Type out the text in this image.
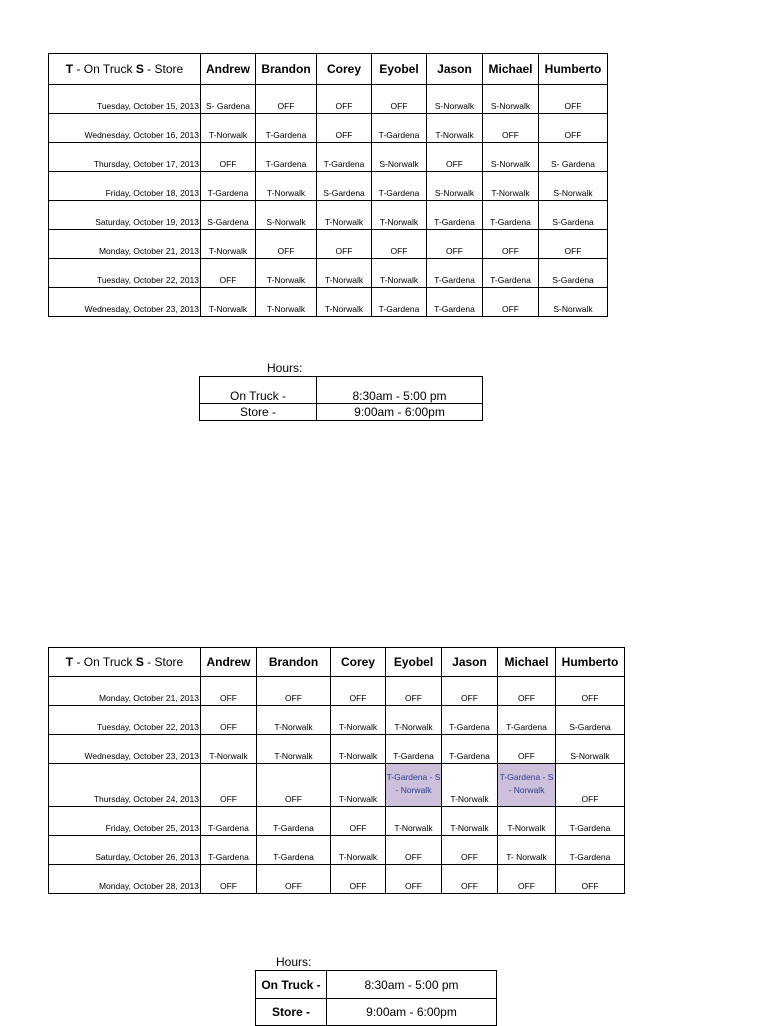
T - On Truck S - Store	Andrew	Brandon	Corey	Eyobel	Jason	Michael	Humberto
Tuesday, October 15, 2013	S- Gardena	OFF	OFF	OFF	S-Norwalk	S-Norwalk	OFF
Wednesday, October 16, 2013	T-Norwalk	T-Gardena	OFF	T-Gardena	T-Norwalk	OFF	OFF
Thursday, October 17, 2013	OFF	T-Gardena	T-Gardena	S-Norwalk	OFF	S-Norwalk	S- Gardena
Friday, October 18, 2013	T-Gardena	T-Norwalk	S-Gardena	T-Gardena	S-Norwalk	T-Norwalk	S-Norwalk
Saturday, October 19, 2013	S-Gardena	S-Norwalk	T-Norwalk	T-Norwalk	T-Gardena	T-Gardena	S-Gardena
Monday, October 21, 2013	T-Norwalk	OFF	OFF	OFF	OFF	OFF	OFF
Tuesday, October 22, 2013	OFF	T-Norwalk	T-Norwalk	T-Norwalk	T-Gardena	T-Gardena	S-Gardena
Wednesday, October 23, 2013	T-Norwalk	T-Norwalk	T-Norwalk	T-Gardena	T-Gardena	OFF	S-Norwalk
Hours:
On Truck -	8:30am - 5:00 pm
Store -	9:00am - 6:00pm
T - On Truck S - Store	Andrew	Brandon	Corey	Eyobel	Jason	Michael	Humberto
Monday, October 21, 2013	OFF	OFF	OFF	OFF	OFF	OFF	OFF
Tuesday, October 22, 2013	OFF	T-Norwalk	T-Norwalk	T-Norwalk	T-Gardena	T-Gardena	S-Gardena
Wednesday, October 23, 2013	T-Norwalk	T-Norwalk	T-Norwalk	T-Gardena	T-Gardena	OFF	S-Norwalk
Thursday, October 24, 2013	OFF	OFF	T-Norwalk	T-Gardena - S - Norwalk	T-Norwalk	T-Gardena - S - Norwalk	OFF
Friday, October 25, 2013	T-Gardena	T-Gardena	OFF	T-Norwalk	T-Norwalk	T-Norwalk	T-Gardena
Saturday, October 26, 2013	T-Gardena	T-Gardena	T-Norwalk	OFF	OFF	T- Norwalk	T-Gardena
Monday, October 28, 2013	OFF	OFF	OFF	OFF	OFF	OFF	OFF
Hours:
On Truck -	8:30am - 5:00 pm
Store -	9:00am - 6:00pm
